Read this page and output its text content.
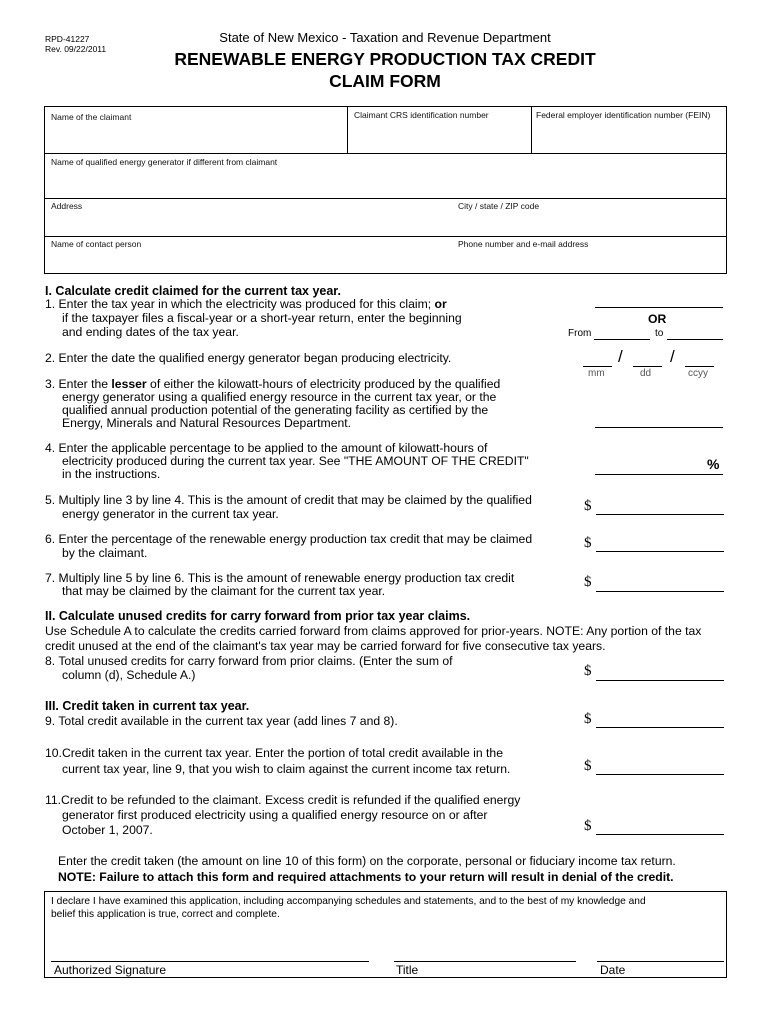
RPD-41227
Rev. 09/22/2011
State of New Mexico - Taxation and Revenue Department
RENEWABLE ENERGY PRODUCTION TAX CREDIT
CLAIM FORM
Name of the claimant	Claimant CRS identification number	Federal employer identification number (FEIN)
Name of qualified energy generator if different from claimant
Address	City / state / ZIP code
Name of contact person	Phone number and e-mail address
I. Calculate credit claimed for the current tax year.
1. Enter the tax year in which the electricity was produced for this claim; or
if the taxpayer files a fiscal-year or a short-year return, enter the beginning
and ending dates of the tax year.
OR
From	to
2. Enter the date the qualified energy generator began producing electricity.	/	/
mm	dd	ccyy
3. Enter the lesser of either the kilowatt-hours of electricity produced by the qualified
energy generator using a qualified energy resource in the current tax year, or the
qualified annual production potential of the generating facility as certified by the
Energy, Minerals and Natural Resources Department.
4. Enter the applicable percentage to be applied to the amount of kilowatt-hours of
electricity produced during the current tax year. See "THE AMOUNT OF THE CREDIT"
in the instructions.
%
5. Multiply line 3 by line 4. This is the amount of credit that may be claimed by the qualified
energy generator in the current tax year.	$
6. Enter the percentage of the renewable energy production tax credit that may be claimed
by the claimant.
$
7. Multiply line 5 by line 6. This is the amount of renewable energy production tax credit
that may be claimed by the claimant for the current tax year.
$
II. Calculate unused credits for carry forward from prior tax year claims.
Use Schedule A to calculate the credits carried forward from claims approved for prior-years. NOTE: Any portion of the tax
credit unused at the end of the claimant's tax year may be carried forward for five consecutive tax years.
8. Total unused credits for carry forward from prior claims. (Enter the sum of
column (d), Schedule A.)	$
III. Credit taken in current tax year.
9. Total credit available in the current tax year (add lines 7 and 8).	$
10.Credit taken in the current tax year. Enter the portion of total credit available in the
current tax year, line 9, that you wish to claim against the current income tax return.	$
11.Credit to be refunded to the claimant. Excess credit is refunded if the qualified energy
generator first produced electricity using a qualified energy resource on or after
October 1, 2007.	$
Enter the credit taken (the amount on line 10 of this form) on the corporate, personal or fiduciary income tax return.
NOTE: Failure to attach this form and required attachments to your return will result in denial of the credit.
I declare I have examined this application, including accompanying schedules and statements, and to the best of my knowledge and
belief this application is true, correct and complete.
Authorized Signature	Title	Date
